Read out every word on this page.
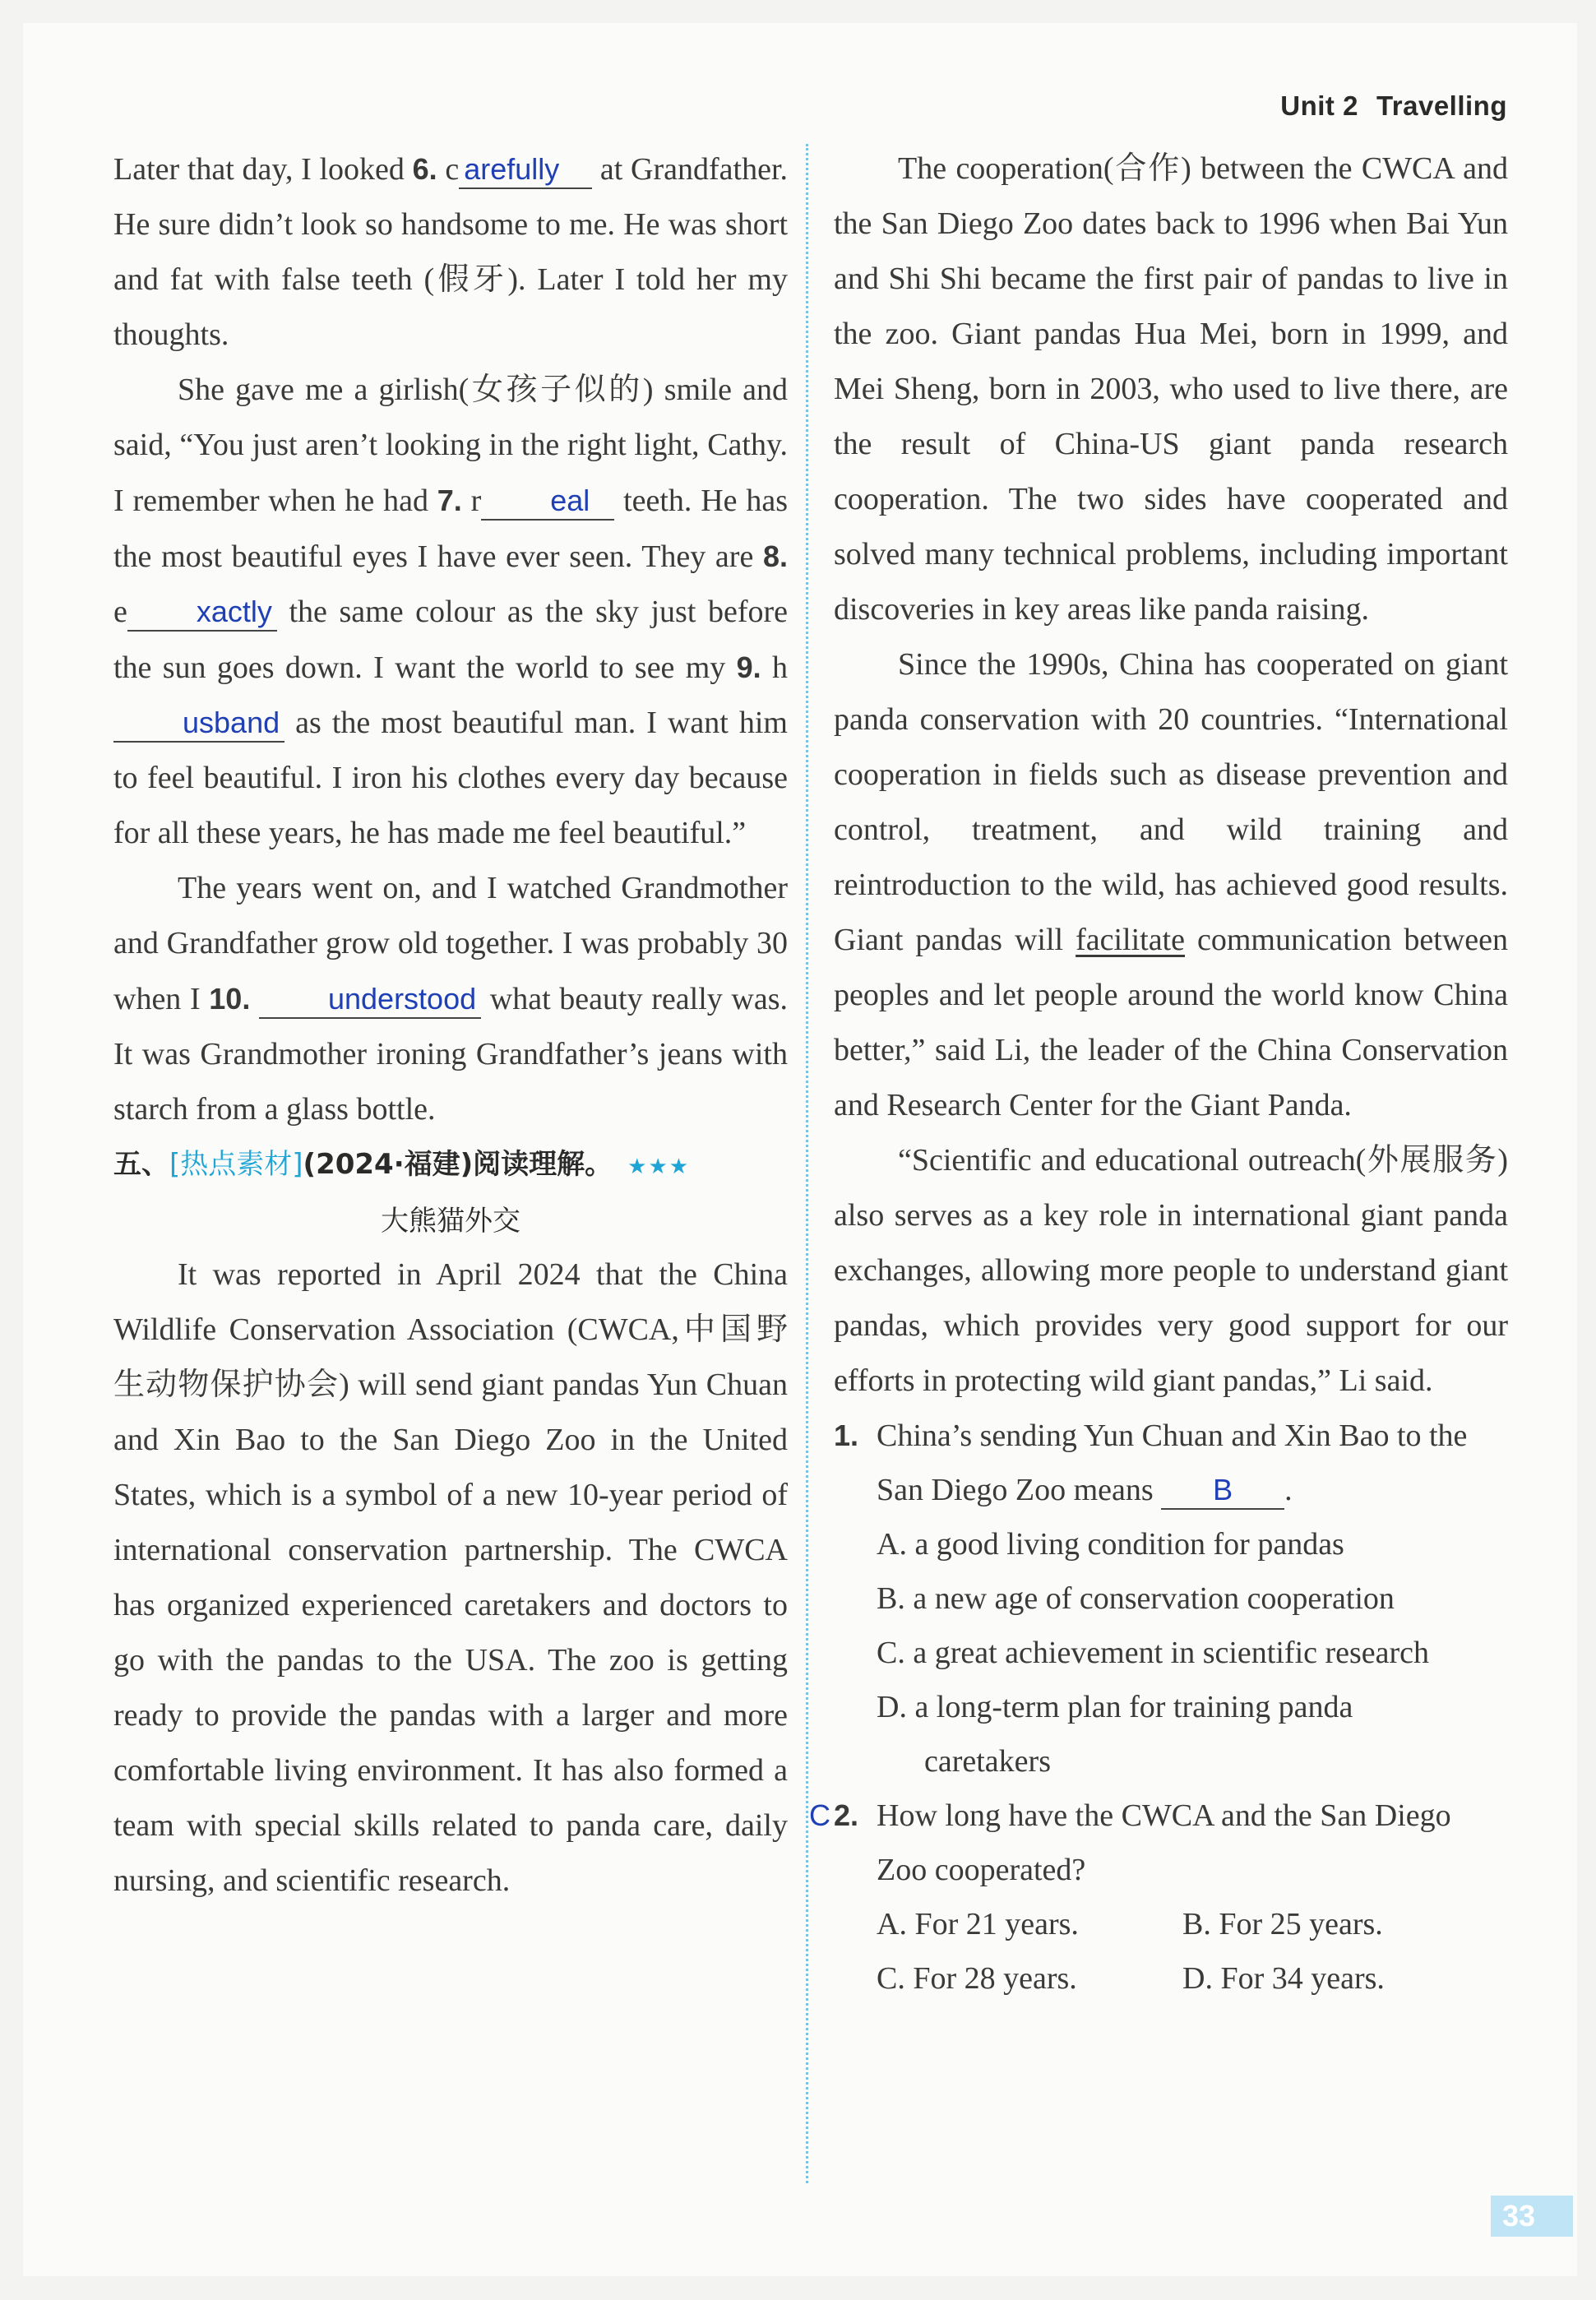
Unit 2 Travelling

Later that day, I looked 6. c arefully at Grandfather. He sure didn’t look so handsome to me. He was short and fat with false teeth (假牙). Later I told her my thoughts.

She gave me a girlish(女孩子似的) smile and said, “You just aren’t looking in the right light, Cathy. I remember when he had 7. r eal teeth. He has the most beautiful eyes I have ever seen. They are 8. e xactly the same colour as the sky just before the sun goes down. I want the world to see my 9. husband as the most beautiful man. I want him to feel beautiful. I iron his clothes every day because for all these years, he has made me feel beautiful.”

The years went on, and I watched Grandmother and Grandfather grow old together. I was probably 30 when I 10.	understood what beauty really was. It was Grandmother ironing Grandfather’s jeans with starch from a glass bottle.

五、[热点素材](2024·福建)阅读理解。 ★★★
大熊猫外交

It was reported in April 2024 that the China Wildlife Conservation Association (CWCA,中国野生动物保护协会) will send giant pandas Yun Chuan and Xin Bao to the San Diego Zoo in the United States, which is a symbol of a new 10-year period of international conservation partnership. The CWCA has organized experienced caretakers and doctors to go with the pandas to the USA. The zoo is getting ready to provide the pandas with a larger and more comfortable living environment. It has also formed a team with special skills related to panda care, daily nursing, and scientific research.

The cooperation(合作) between the CWCA and the San Diego Zoo dates back to 1996 when Bai Yun and Shi Shi became the first pair of pandas to live in the zoo. Giant pandas Hua Mei, born in 1999, and Mei Sheng, born in 2003, who used to live there, are the result of China-US giant panda research cooperation. The two sides have cooperated and solved many technical problems, including important discoveries in key areas like panda raising.

Since the 1990s, China has cooperated on giant panda conservation with 20 countries. “International cooperation in fields such as disease prevention and control, treatment, and wild training and reintroduction to the wild, has achieved good results. Giant pandas will facilitate communication between peoples and let people around the world know China better,” said Li, the leader of the China Conservation and Research Center for the Giant Panda.

“Scientific and educational outreach(外展服务) also serves as a key role in international giant panda exchanges, allowing more people to understand giant pandas, which provides very good support for our efforts in protecting wild giant pandas,” Li said.

1. China’s sending Yun Chuan and Xin Bao to the San Diego Zoo means B .
A. a good living condition for pandas
B. a new age of conservation cooperation
C. a great achievement in scientific research
D. a long-term plan for training panda
caretakers
C 2. How long have the CWCA and the San Diego Zoo cooperated?
A. For 21 years.	B. For 25 years.
C. For 28 years.	D. For 34 years.
33
